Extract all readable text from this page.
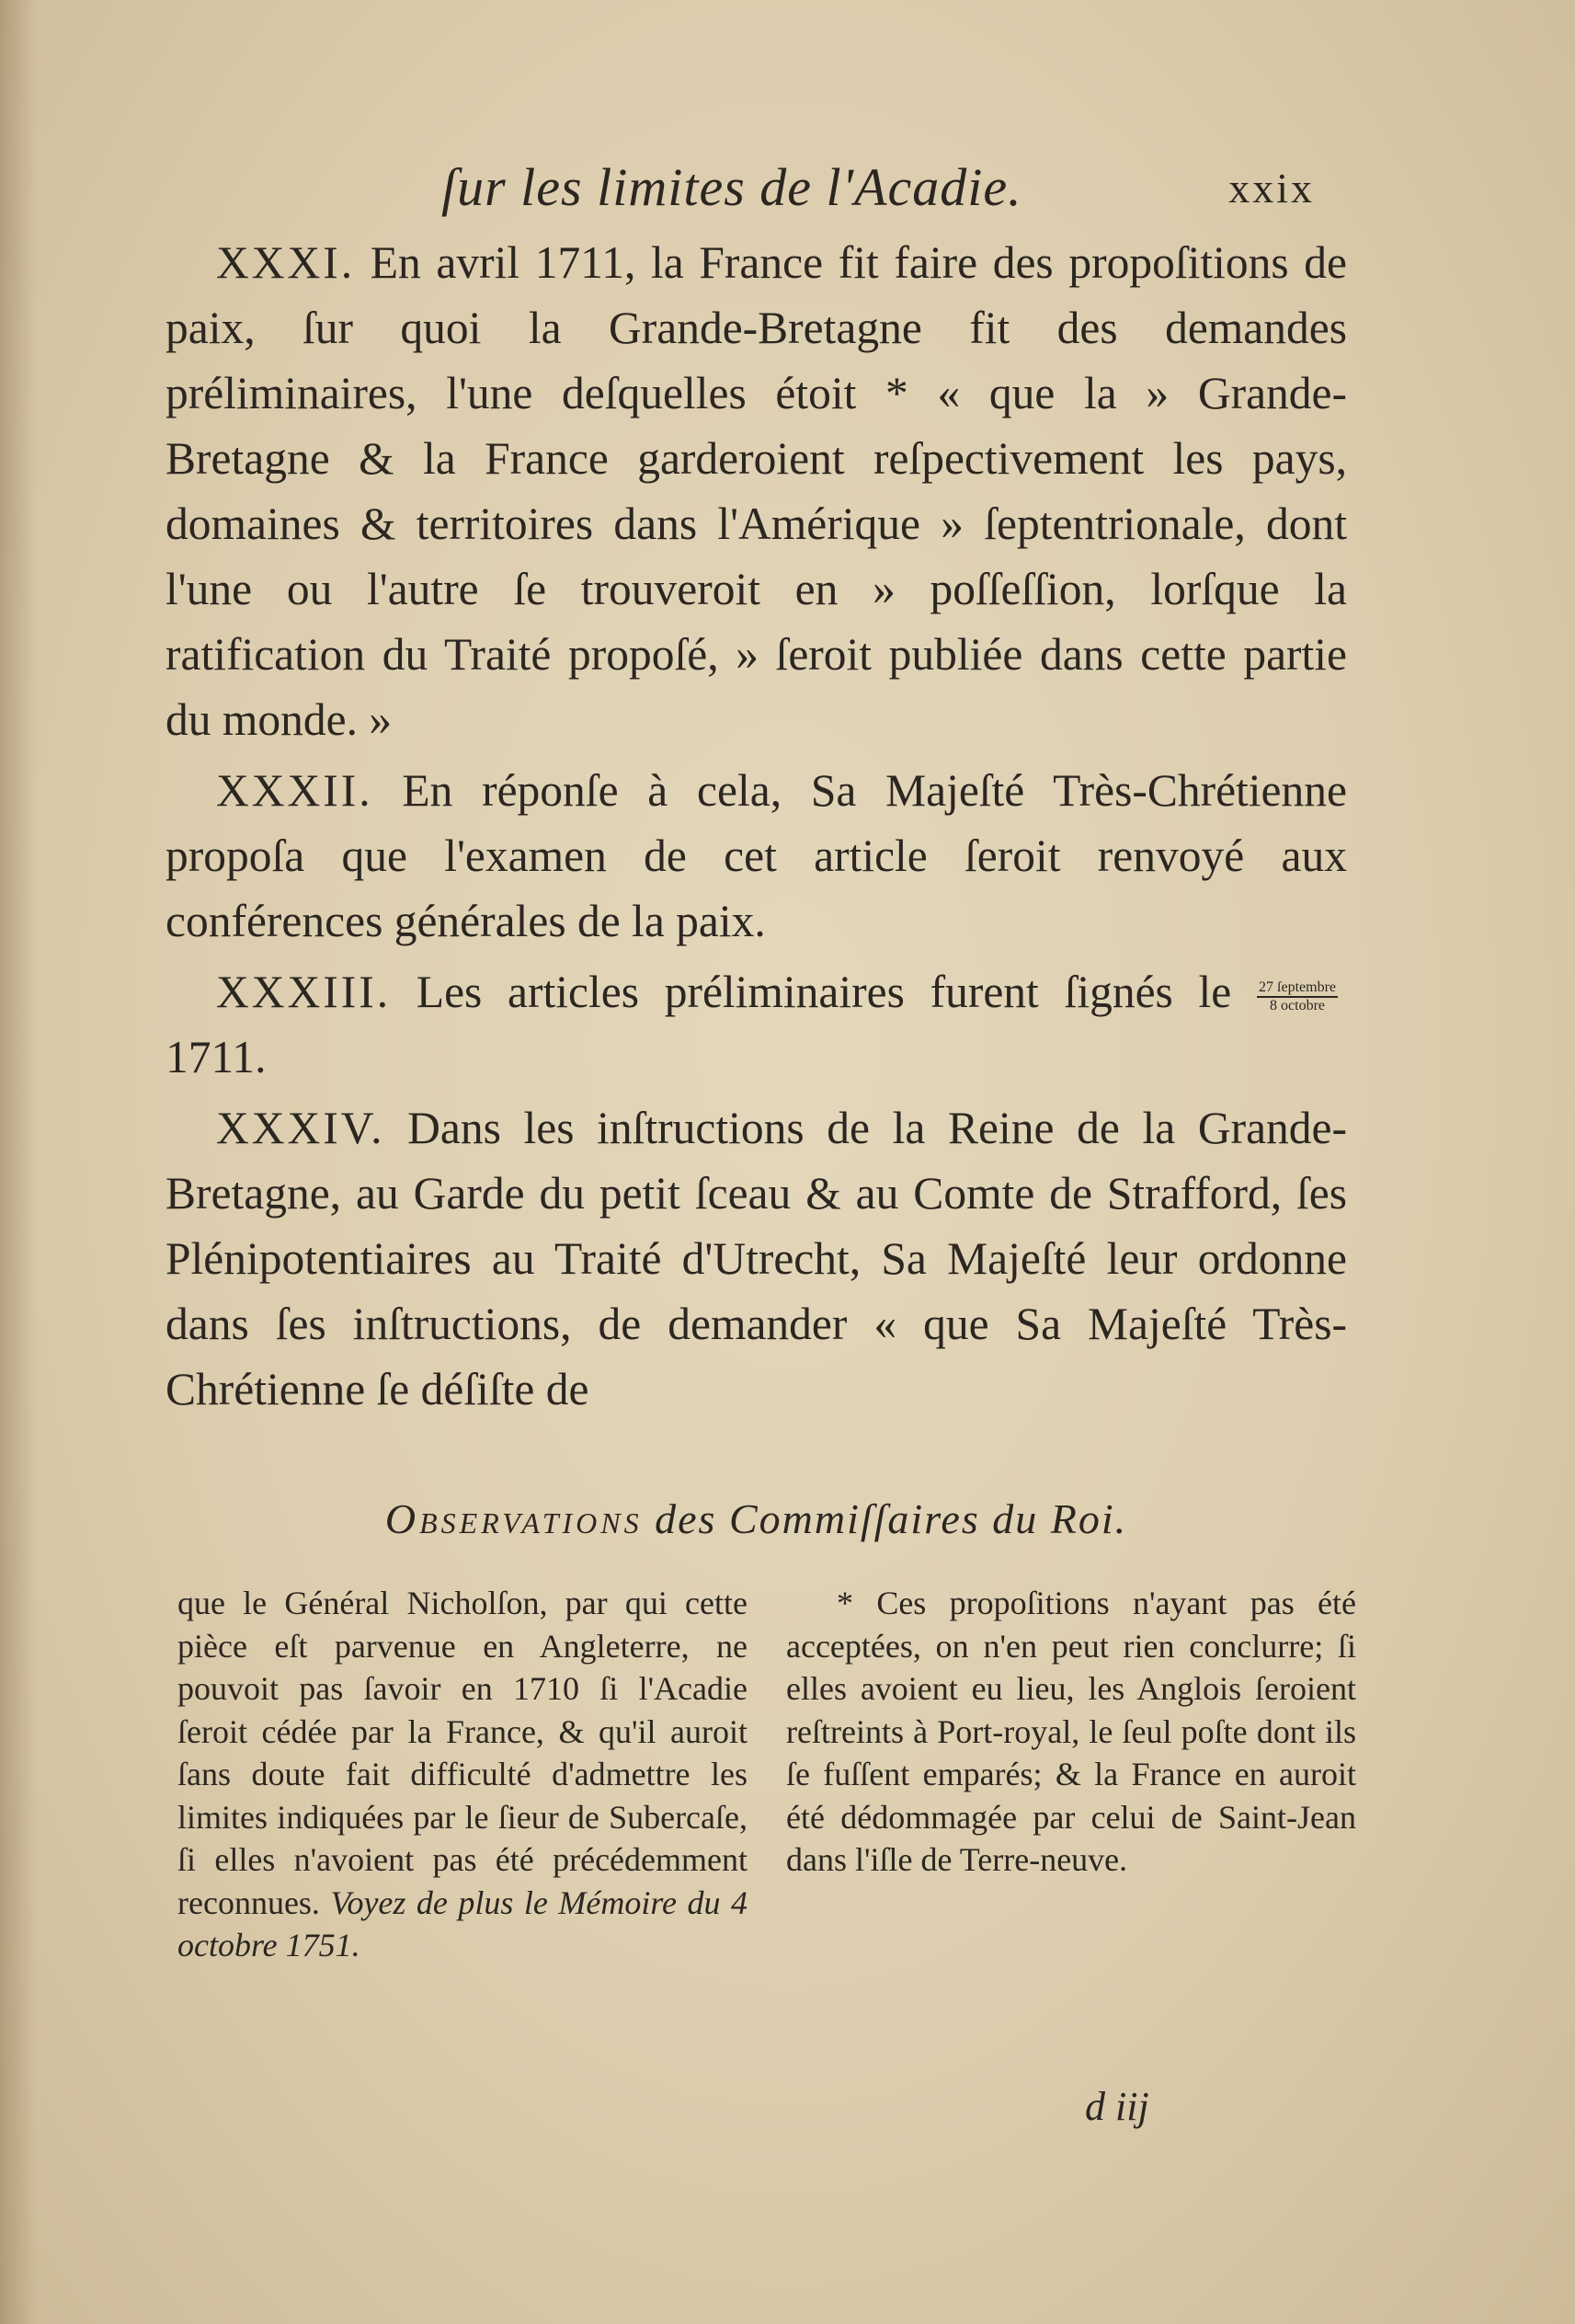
ſur les limites de l'Acadie.	xxix

XXXI. En avril 1711, la France fit faire des propoſitions de paix, ſur quoi la Grande-Bretagne fit des demandes préliminaires, l'une deſquelles étoit * « que la » Grande-Bretagne & la France garderoient reſpectivement les pays, domaines & territoires dans l'Amérique » ſeptentrionale, dont l'une ou l'autre ſe trouveroit en » poſſeſſion, lorſque la ratification du Traité propoſé, » ſeroit publiée dans cette partie du monde. »

XXXII. En réponſe à cela, Sa Majeſté Très-Chrétienne propoſa que l'examen de cet article ſeroit renvoyé aux conférences générales de la paix.

XXXIII. Les articles préliminaires furent ſignés le $\frac{\text{27 ſeptembre}}{\text{8 octobre}}$
1711.

XXXIV. Dans les inſtructions de la Reine de la Grande-Bretagne, au Garde du petit ſceau & au Comte de Strafford, ſes Plénipotentiaires au Traité d'Utrecht, Sa Majeſté leur ordonne dans ſes inſtructions, de demander « que Sa Majeſté Très-Chrétienne ſe déſiſte de

Observations des Commiſſaires du Roi.

que le Général Nicholſon, par qui cette pièce eſt parvenue en Angleterre, ne pouvoit pas ſavoir en 1710 ſi l'Acadie ſeroit cédée par la France, & qu'il auroit ſans doute fait difficulté d'admettre les limites indiquées par le ſieur de Subercaſe, ſi elles n'avoient pas été précédemment reconnues. Voyez de plus le Mémoire du 4 octobre 1751.

* Ces propoſitions n'ayant pas été acceptées, on n'en peut rien conclurre; ſi elles avoient eu lieu, les Anglois ſeroient reſtreints à Port-royal, le ſeul poſte dont ils ſe fuſſent emparés; & la France en auroit été dédommagée par celui de Saint-Jean dans l'iſle de Terre-neuve.

d iij
